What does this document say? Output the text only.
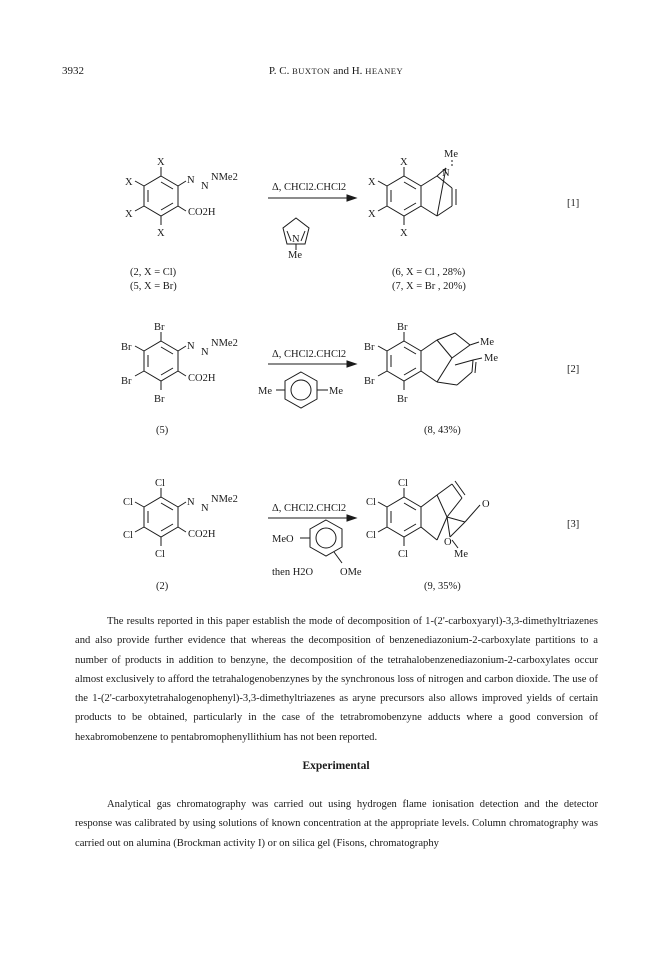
3932	P. C. BUXTON and H. HEANEY
X
X
X
X
N
N
NMe2
CO2H
Δ, CHCl2.CHCl2
N
Me
(2, X = Cl)
(5, X = Br)
Me
N
X
X
X
X
(6, X = Cl , 28%)
(7, X = Br , 20%)
[1]
Br
Br
Br
Br
N
N
NMe2
CO2H
Δ, CHCl2.CHCl2
Me	Me
(5)
Br
Br
Br
Br
Me
Me
(8, 43%)
[2]
Cl
Cl
Cl
Cl
N
N
NMe2
CO2H
Δ, CHCl2.CHCl2
MeO
OMe
then H2O
(2)
Cl
Cl
Cl
Cl
O
O
Me
(9, 35%)
[3]

The results reported in this paper establish the mode of decomposition of 1-(2'-carboxyaryl)-3,3-dimethyltriazenes and also provide further evidence that whereas the decomposition of benzenediazonium-2-carboxylate partitions to a number of products in addition to benzyne, the decomposition of the tetrahalobenzenediazonium-2-carboxylates occur almost exclusively to afford the tetrahalogenobenzynes by the synchronous loss of nitrogen and carbon dioxide. The use of the 1-(2'-carboxytetrahalogenophenyl)-3,3-dimethyltriazenes as aryne precursors also allows improved yields of certain products to be obtained, particularly in the case of the tetrabromobenzyne adducts where a good conversion of hexabromobenzene to pentabromophenyllithium has not been reported.

Experimental

Analytical gas chromatography was carried out using hydrogen flame ionisation detection and the detector response was calibrated by using solutions of known concentration at the appropriate levels. Column chromatography was carried out on alumina (Brockman activity I) or on silica gel (Fisons, chromatography
